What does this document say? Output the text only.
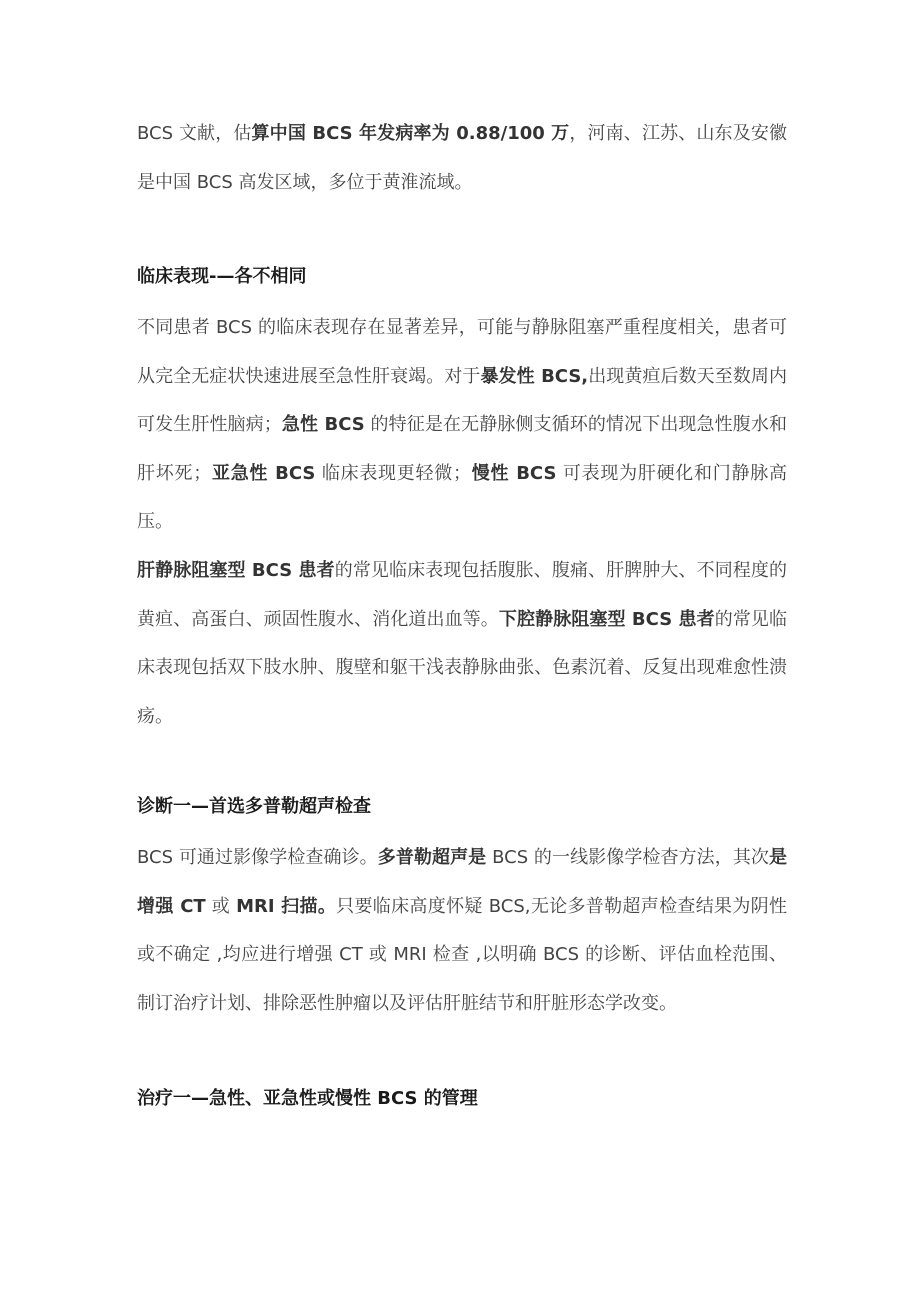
BCS 文献，估算中国 BCS 年发病率为 0.88/100 万，河南、江苏、山东及安徽是中国 BCS 高发区域，多位于黄淮流域。

临床表现-—各不相同

不同患者 BCS 的临床表现存在显著差异，可能与静脉阻塞严重程度相关，患者可从完全无症状快速进展至急性肝衰竭。对于暴发性 BCS,出现黄疸后数天至数周内可发生肝性脑病；急性 BCS 的特征是在无静脉侧支循环的情况下出现急性腹水和肝坏死；亚急性 BCS 临床表现更轻微；慢性 BCS 可表现为肝硬化和门静脉高压。

肝静脉阻塞型 BCS 患者的常见临床表现包括腹胀、腹痛、肝脾肿大、不同程度的黄疸、高蛋白、顽固性腹水、消化道出血等。下腔静脉阻塞型 BCS 患者的常见临床表现包括双下肢水肿、腹壁和躯干浅表静脉曲张、色素沉着、反复出现难愈性溃疡。

诊断一—首选多普勒超声检查

BCS 可通过影像学检查确诊。多普勒超声是 BCS 的一线影像学检杳方法，其次是增强 CT 或 MRI 扫描。只要临床高度怀疑 BCS,无论多普勒超声检查结果为阴性或不确定 ,均应进行增强 CT 或 MRI 检查 ,以明确 BCS 的诊断、评估血栓范围、制订治疗计划、排除恶性肿瘤以及评估肝脏结节和肝脏形态学改变。

治疗一—急性、亚急性或慢性 BCS 的管理
